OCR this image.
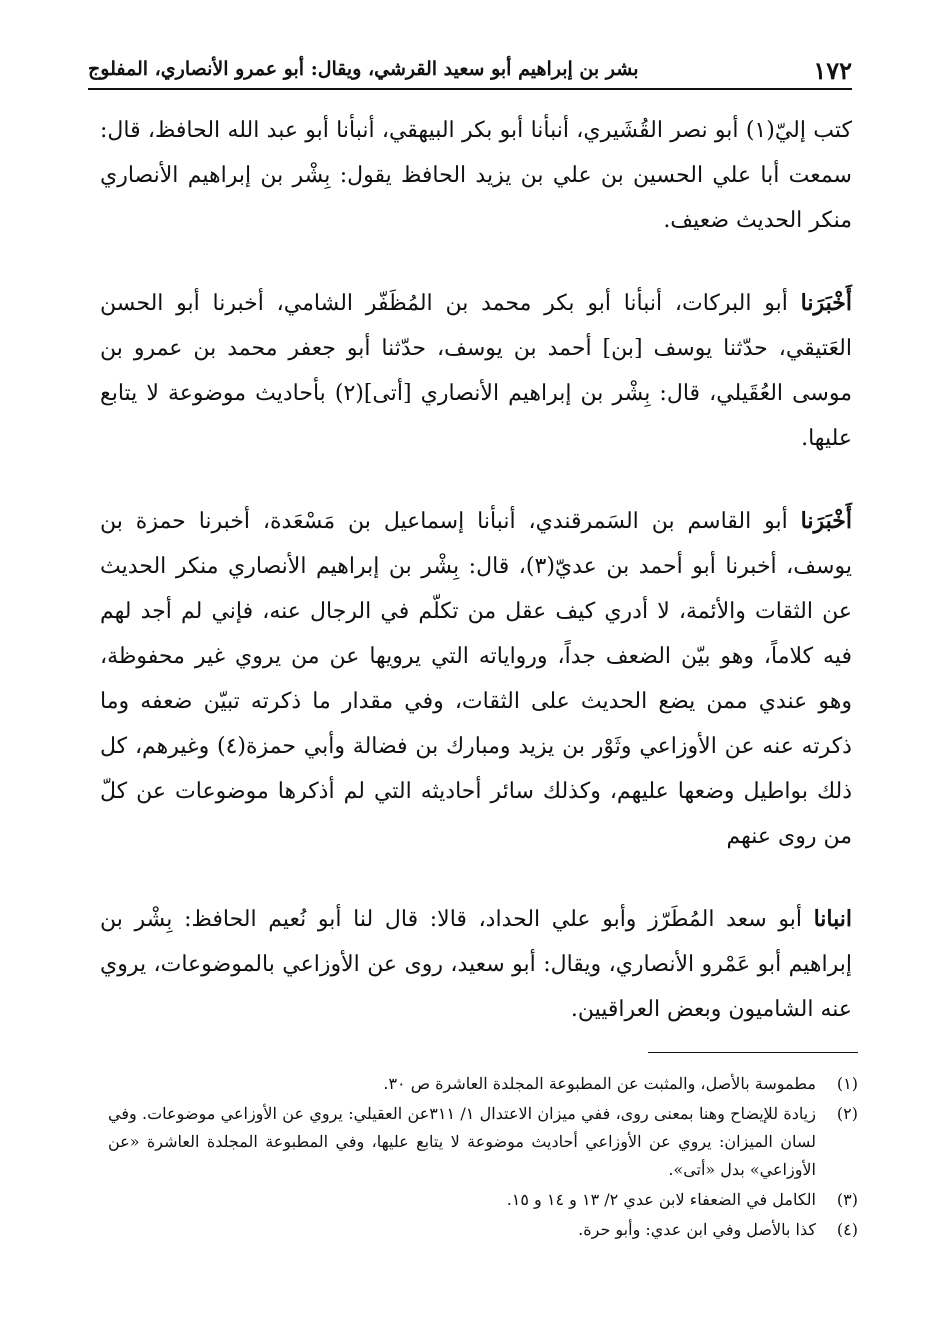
١٧٢
بشر بن إبراهيم أبو سعيد القرشي، ويقال: أبو عمرو الأنصاري، المفلوج

كتب إليّ(١) أبو نصر القُشَيري، أنبأنا أبو بكر البيهقي، أنبأنا أبو عبد الله الحافظ، قال: سمعت أبا علي الحسين بن علي بن يزيد الحافظ يقول: بِشْر بن إبراهيم الأنصاري منكر الحديث ضعيف.

أَخْبَرَنا أبو البركات، أنبأنا أبو بكر محمد بن المُظَفّر الشامي، أخبرنا أبو الحسن العَتيقي، حدّثنا يوسف [بن] أحمد بن يوسف، حدّثنا أبو جعفر محمد بن عمرو بن موسى العُقَيلي، قال: بِشْر بن إبراهيم الأنصاري [أتى](٢) بأحاديث موضوعة لا يتابع عليها.

أَخْبَرَنا أبو القاسم بن السَمرقندي، أنبأنا إسماعيل بن مَسْعَدة، أخبرنا حمزة بن يوسف، أخبرنا أبو أحمد بن عديّ(٣)، قال: بِشْر بن إبراهيم الأنصاري منكر الحديث عن الثقات والأئمة، لا أدري كيف عقل من تكلّم في الرجال عنه، فإني لم أجد لهم فيه كلاماً، وهو بيّن الضعف جداً، ورواياته التي يرويها عن من يروي غير محفوظة، وهو عندي ممن يضع الحديث على الثقات، وفي مقدار ما ذكرته تبيّن ضعفه وما ذكرته عنه عن الأوزاعي وثَوْر بن يزيد ومبارك بن فضالة وأبي حمزة(٤) وغيرهم، كل ذلك بواطيل وضعها عليهم، وكذلك سائر أحاديثه التي لم أذكرها موضوعات عن كلّ من روى عنهم

انبانا أبو سعد المُطَرّز وأبو علي الحداد، قالا: قال لنا أبو نُعيم الحافظ: بِشْر بن إبراهيم أبو عَمْرو الأنصاري، ويقال: أبو سعيد، روى عن الأوزاعي بالموضوعات، يروي عنه الشاميون وبعض العراقيين.

(١)
مطموسة بالأصل، والمثبت عن المطبوعة المجلدة العاشرة ص ٣٠.
(٢)
زيادة للإيضاح وهنا بمعنى روى، ففي ميزان الاعتدال ١/ ٣١١عن العقيلي: يروي عن الأوزاعي موضوعات. وفي لسان الميزان: يروي عن الأوزاعي أحاديث موضوعة لا يتابع عليها، وفي المطبوعة المجلدة العاشرة «عن الأوزاعي» بدل «أتى».
(٣)
الكامل في الضعفاء لابن عدي ٢/ ١٣ و ١٤ و ١٥.
(٤)
كذا بالأصل وفي ابن عدي: وأبو حرة.
